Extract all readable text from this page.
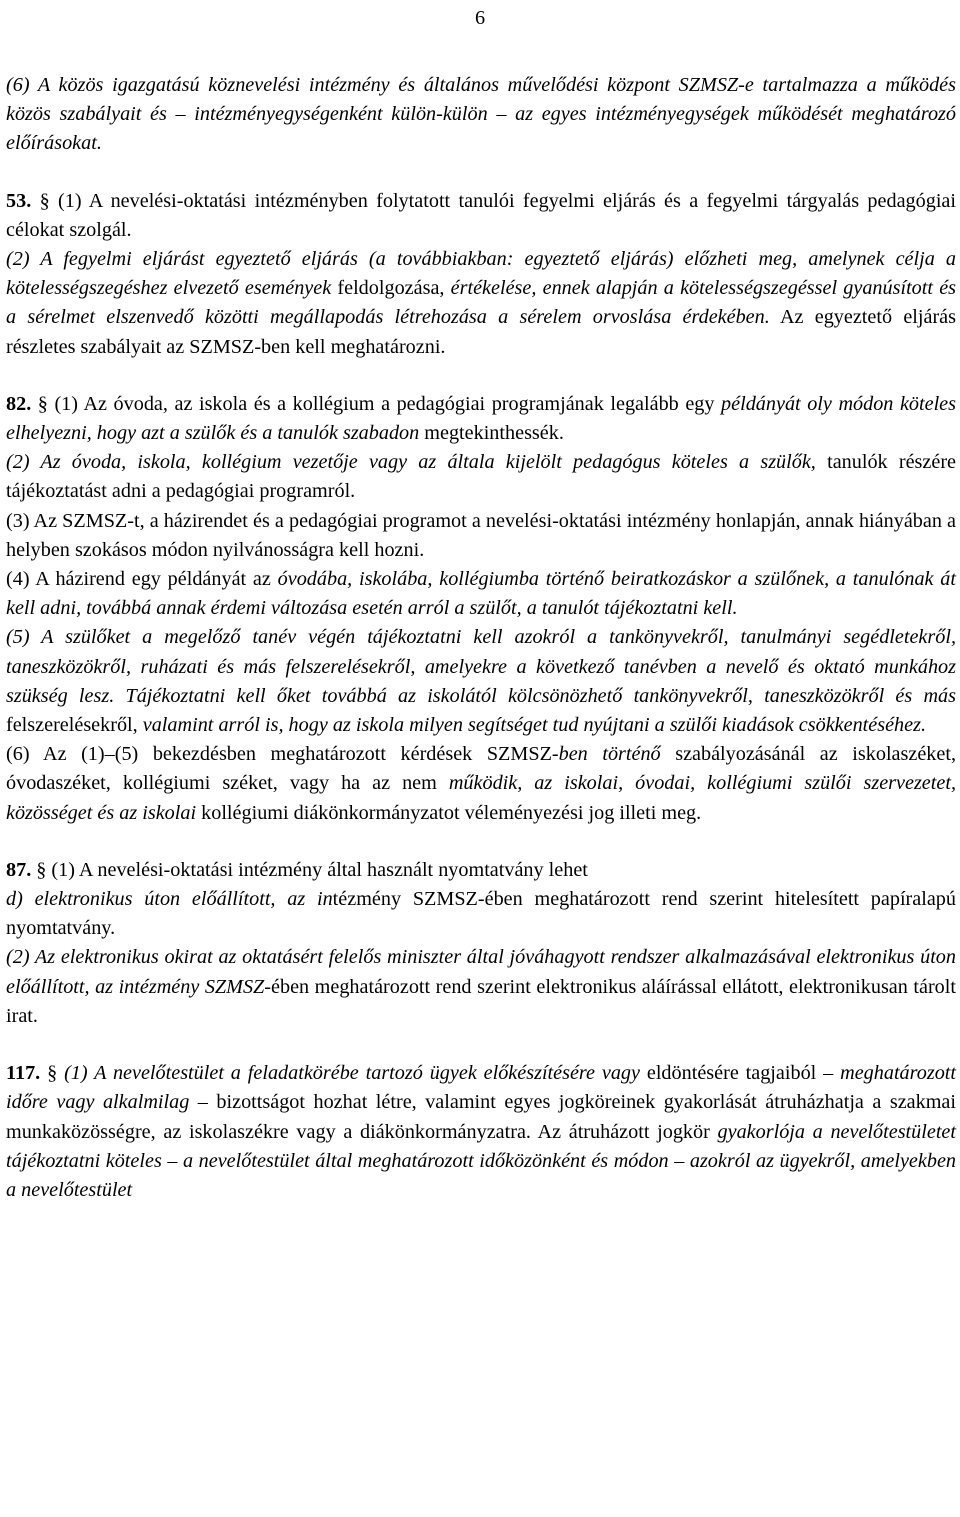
6

(6) A közös igazgatású köznevelési intézmény és általános művelődési központ SZMSZ-e tartalmazza a működés közös szabályait és – intézményegységenként külön-külön – az egyes intézményegységek működését meghatározó előírásokat.

53. § (1) A nevelési-oktatási intézményben folytatott tanulói fegyelmi eljárás és a fegyelmi tárgyalás pedagógiai célokat szolgál.

(2) A fegyelmi eljárást egyeztető eljárás (a továbbiakban: egyeztető eljárás) előzheti meg, amelynek célja a kötelességszegéshez elvezető események feldolgozása, értékelése, ennek alapján a kötelességszegéssel gyanúsított és a sérelmet elszenvedő közötti megállapodás létrehozása a sérelem orvoslása érdekében. Az egyeztető eljárás részletes szabályait az SZMSZ-ben kell meghatározni.

82. § (1) Az óvoda, az iskola és a kollégium a pedagógiai programjának legalább egy példányát oly módon köteles elhelyezni, hogy azt a szülők és a tanulók szabadon megtekinthessék.

(2) Az óvoda, iskola, kollégium vezetője vagy az általa kijelölt pedagógus köteles a szülők, tanulók részére tájékoztatást adni a pedagógiai programról.

(3) Az SZMSZ-t, a házirendet és a pedagógiai programot a nevelési-oktatási intézmény honlapján, annak hiányában a helyben szokásos módon nyilvánosságra kell hozni.

(4) A házirend egy példányát az óvodába, iskolába, kollégiumba történő beiratkozáskor a szülőnek, a tanulónak át kell adni, továbbá annak érdemi változása esetén arról a szülőt, a tanulót tájékoztatni kell.

(5) A szülőket a megelőző tanév végén tájékoztatni kell azokról a tankönyvekről, tanulmányi segédletekről, taneszközökről, ruházati és más felszerelésekről, amelyekre a következő tanévben a nevelő és oktató munkához szükség lesz. Tájékoztatni kell őket továbbá az iskolától kölcsönözhető tankönyvekről, taneszközökről és más felszerelésekről, valamint arról is, hogy az iskola milyen segítséget tud nyújtani a szülői kiadások csökkentéséhez.

(6) Az (1)–(5) bekezdésben meghatározott kérdések SZMSZ-ben történő szabályozásánál az iskolaszéket, óvodaszéket, kollégiumi széket, vagy ha az nem működik, az iskolai, óvodai, kollégiumi szülői szervezetet, közösséget és az iskolai kollégiumi diákönkormányzatot véleményezési jog illeti meg.

87. § (1) A nevelési-oktatási intézmény által használt nyomtatvány lehet

d) elektronikus úton előállított, az intézmény SZMSZ-ében meghatározott rend szerint hitelesített papíralapú nyomtatvány.

(2) Az elektronikus okirat az oktatásért felelős miniszter által jóváhagyott rendszer alkalmazásával elektronikus úton előállított, az intézmény SZMSZ-ében meghatározott rend szerint elektronikus aláírással ellátott, elektronikusan tárolt irat.

117. § (1) A nevelőtestület a feladatkörébe tartozó ügyek előkészítésére vagy eldöntésére tagjaiból – meghatározott időre vagy alkalmilag – bizottságot hozhat létre, valamint egyes jogköreinek gyakorlását átruházhatja a szakmai munkaközösségre, az iskolaszékre vagy a diákönkormányzatra. Az átruházott jogkör gyakorlója a nevelőtestületet tájékoztatni köteles – a nevelőtestület által meghatározott időközönként és módon – azokról az ügyekről, amelyekben a nevelőtestület
